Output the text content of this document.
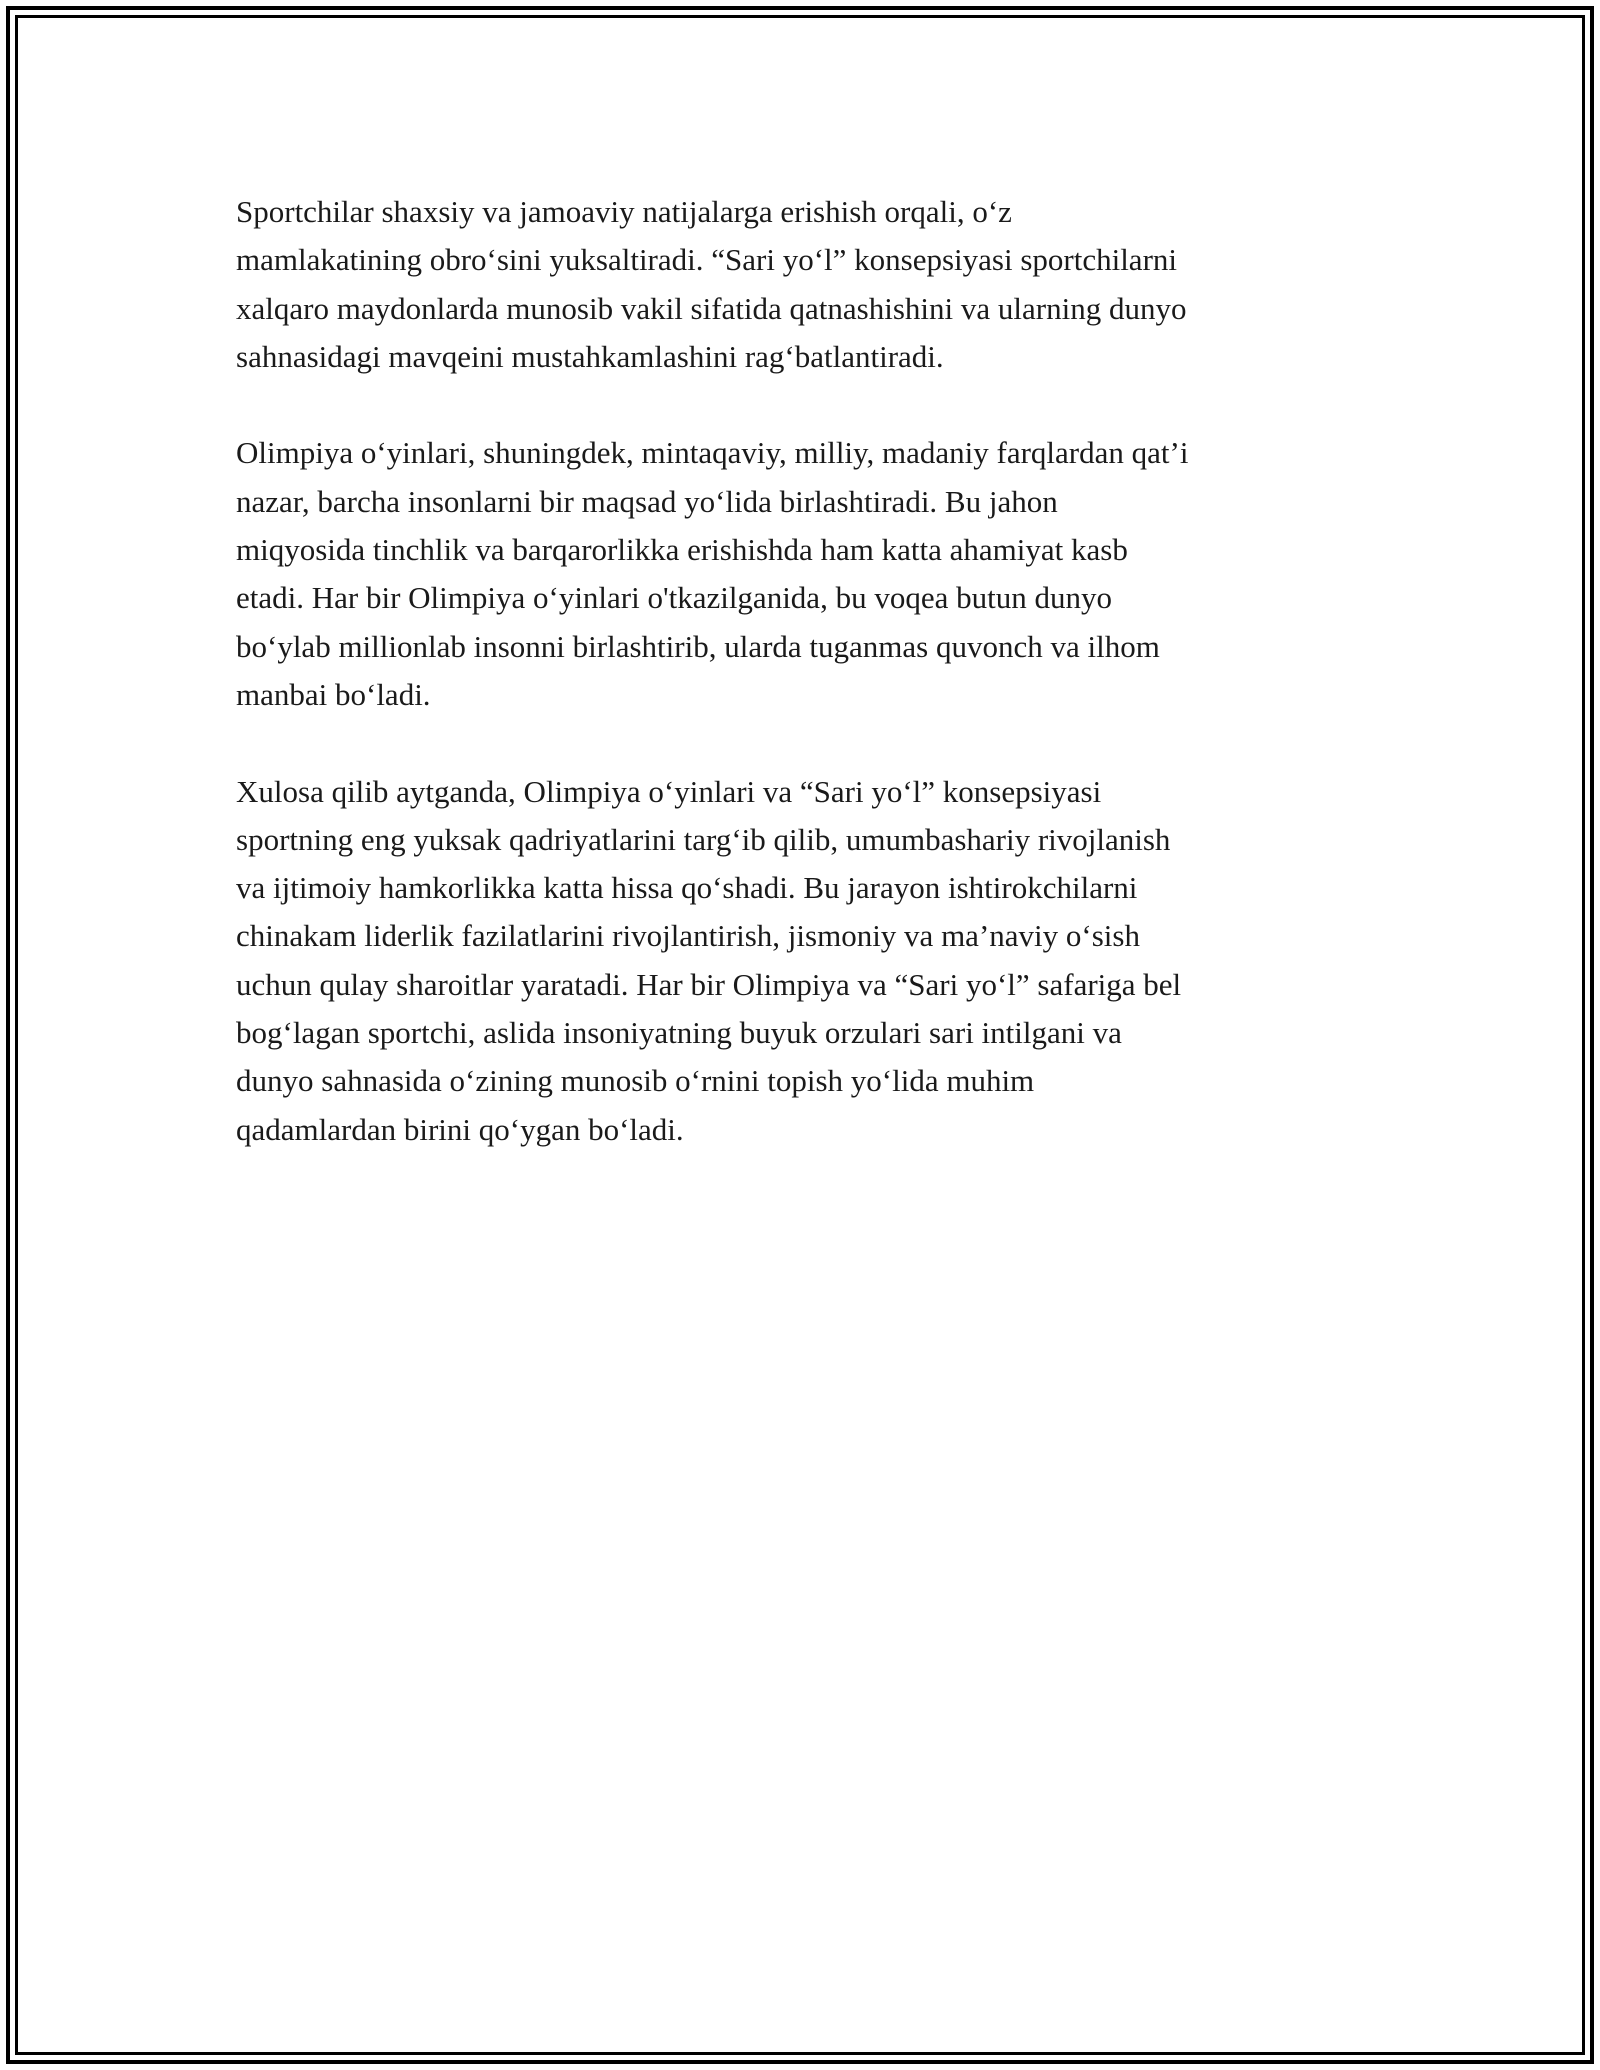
Sportchilar shaxsiy va jamoaviy natijalarga erishish orqali, o‘z
mamlakatining obro‘sini yuksaltiradi. “Sari yo‘l” konsepsiyasi sportchilarni
xalqaro maydonlarda munosib vakil sifatida qatnashishini va ularning dunyo
sahnasidagi mavqeini mustahkamlashini rag‘batlantiradi.

Olimpiya o‘yinlari, shuningdek, mintaqaviy, milliy, madaniy farqlardan qat’i
nazar, barcha insonlarni bir maqsad yo‘lida birlashtiradi. Bu jahon
miqyosida tinchlik va barqarorlikka erishishda ham katta ahamiyat kasb
etadi. Har bir Olimpiya o‘yinlari o'tkazilganida, bu voqea butun dunyo
bo‘ylab millionlab insonni birlashtirib, ularda tuganmas quvonch va ilhom
manbai bo‘ladi.

Xulosa qilib aytganda, Olimpiya o‘yinlari va “Sari yo‘l” konsepsiyasi
sportning eng yuksak qadriyatlarini targ‘ib qilib, umumbashariy rivojlanish
va ijtimoiy hamkorlikka katta hissa qo‘shadi. Bu jarayon ishtirokchilarni
chinakam liderlik fazilatlarini rivojlantirish, jismoniy va ma’naviy o‘sish
uchun qulay sharoitlar yaratadi. Har bir Olimpiya va “Sari yo‘l” safariga bel
bog‘lagan sportchi, aslida insoniyatning buyuk orzulari sari intilgani va
dunyo sahnasida o‘zining munosib o‘rnini topish yo‘lida muhim
qadamlardan birini qo‘ygan bo‘ladi.
